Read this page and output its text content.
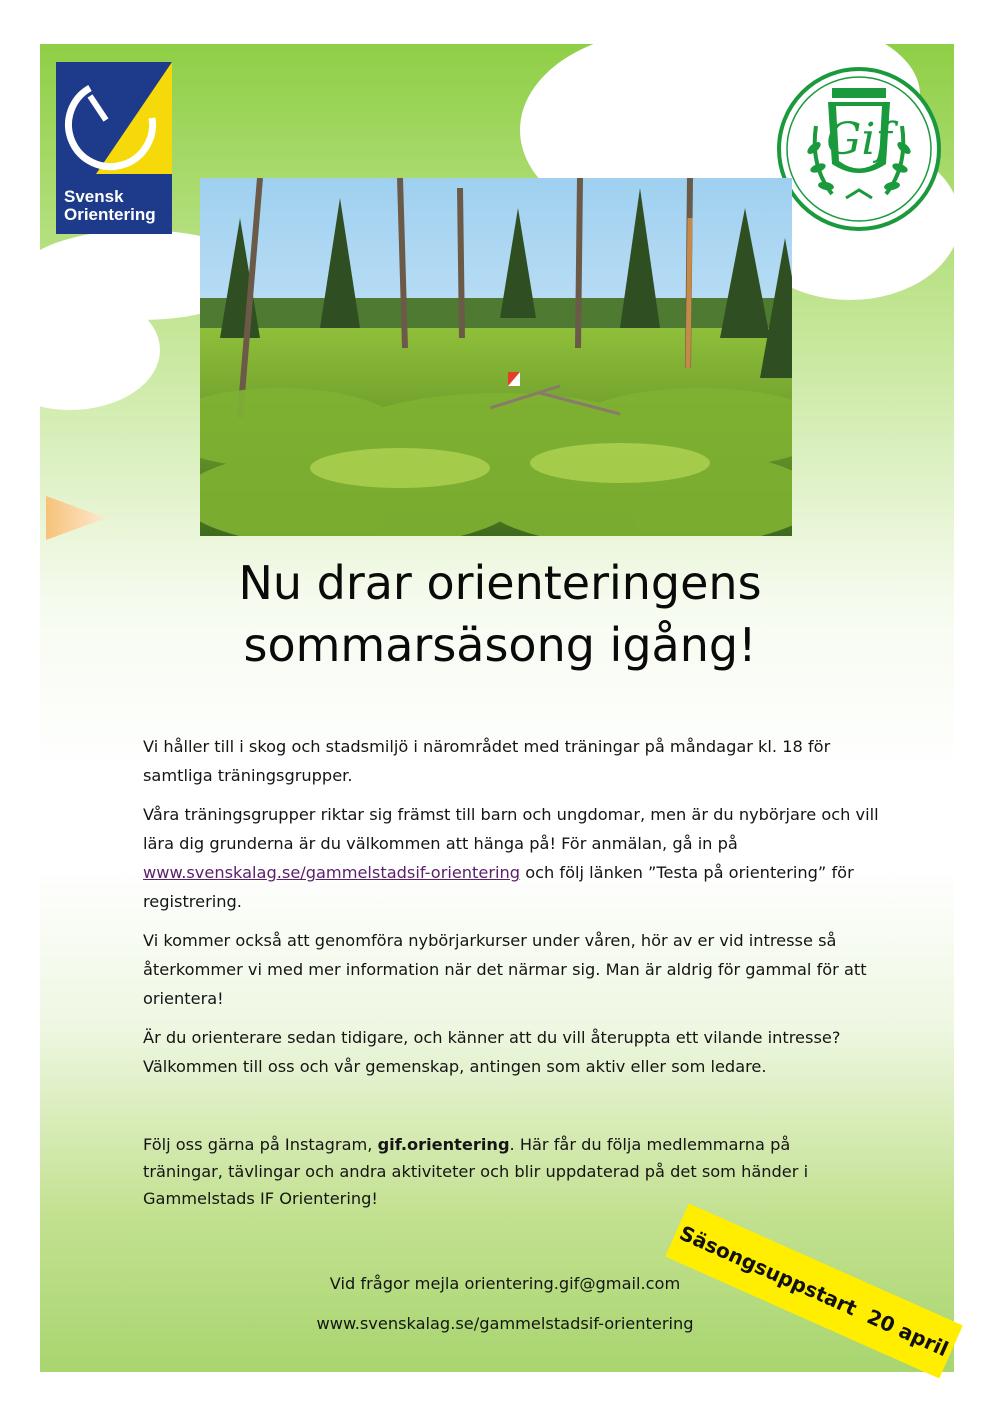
Svensk
Orientering
Gif
Nu drar orienteringens
sommarsäsong igång!

Vi håller till i skog och stadsmiljö i närområdet med träningar på måndagar kl. 18 för samtliga träningsgrupper.

Våra träningsgrupper riktar sig främst till barn och ungdomar, men är du nybörjare och vill lära dig grunderna är du välkommen att hänga på! För anmälan, gå in på www.svenskalag.se/gammelstadsif-orientering och följ länken ”Testa på orientering” för registrering.

Vi kommer också att genomföra nybörjarkurser under våren, hör av er vid intresse så återkommer vi med mer information när det närmar sig. Man är aldrig för gammal för att orientera!

Är du orienterare sedan tidigare, och känner att du vill återuppta ett vilande intresse? Välkommen till oss och vår gemenskap, antingen som aktiv eller som ledare.

Följ oss gärna på Instagram, gif.orientering. Här får du följa medlemmarna på träningar, tävlingar och andra aktiviteter och blir uppdaterad på det som händer i Gammelstads IF Orientering!
Vid frågor mejla orientering.gif@gmail.com
www.svenskalag.se/gammelstadsif-orientering
Säsongsuppstart  20 april
